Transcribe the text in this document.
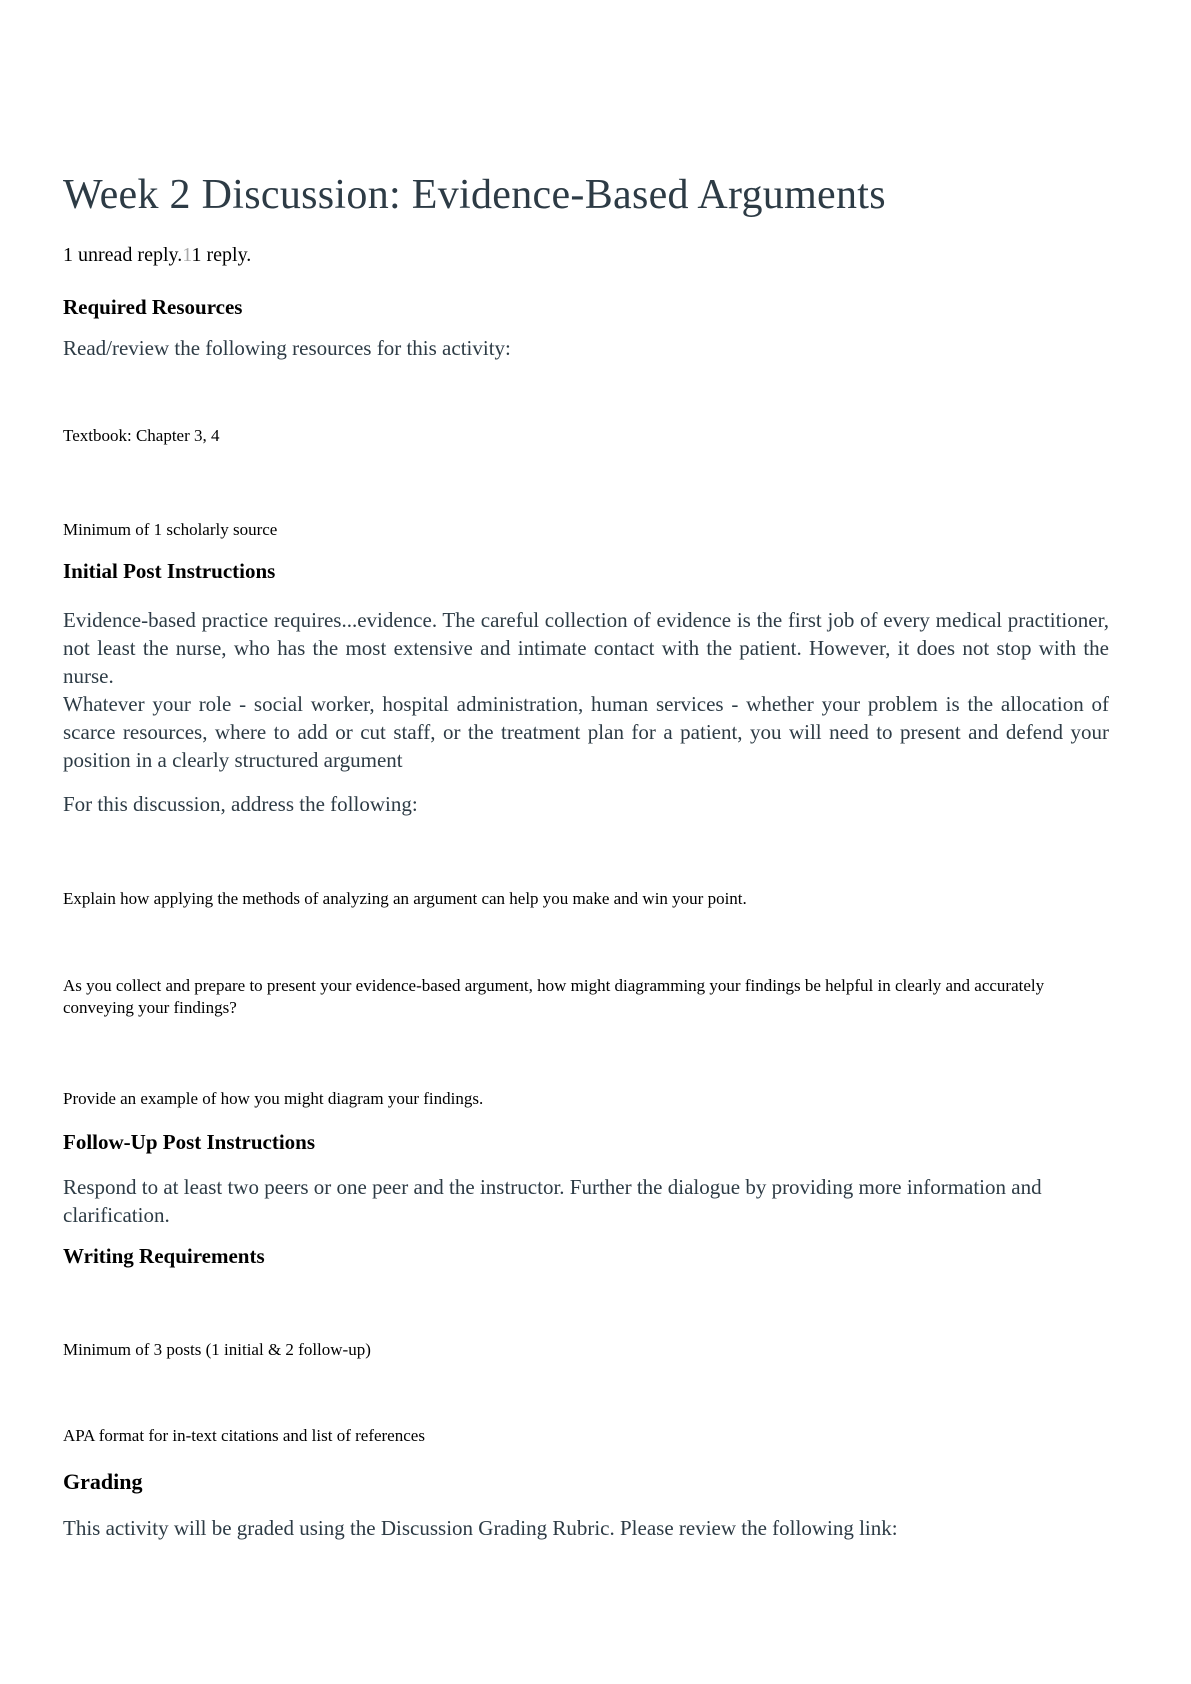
Week 2 Discussion: Evidence-Based Arguments
1 unread reply.11 reply.
Required Resources

Read/review the following resources for this activity:

Textbook: Chapter 3, 4
Minimum of 1 scholarly source
Initial Post Instructions
Evidence-based practice requires...evidence. The careful collection of evidence is the first job of every medical practitioner, not least the nurse, who has the most extensive and intimate contact with the patient. However, it does not stop with the nurse.
Whatever your role - social worker, hospital administration, human services - whether your problem is the allocation of scarce resources, where to add or cut staff, or the treatment plan for a patient, you will need to present and defend your position in a clearly structured argument

For this discussion, address the following:

Explain how applying the methods of analyzing an argument can help you make and win your point.
As you collect and prepare to present your evidence-based argument, how might diagramming your findings be helpful in clearly and accurately conveying your findings?
Provide an example of how you might diagram your findings.
Follow-Up Post Instructions

Respond to at least two peers or one peer and the instructor. Further the dialogue by providing more information and clarification.

Writing Requirements
Minimum of 3 posts (1 initial & 2 follow-up)
APA format for in-text citations and list of references
Grading

This activity will be graded using the Discussion Grading Rubric. Please review the following link:
